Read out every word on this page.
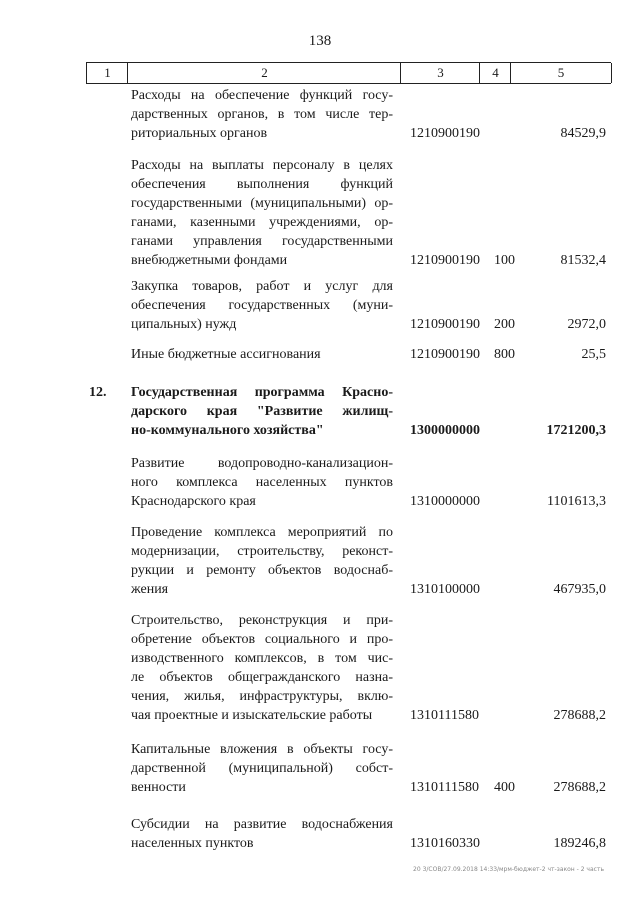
138
1	2	3	4	5
Расходы на обеспечение функций госу-
дарственных органов, в том числе тер-
риториальных органов	1210900190	84529,9
Расходы на выплаты персоналу в целях
обеспечения выполнения функций
государственными (муниципальными) ор-
ганами, казенными учреждениями, ор-
ганами управления государственными
внебюджетными фондами	1210900190 100	81532,4
Закупка товаров, работ и услуг для
обеспечения государственных (муни-
ципальных) нужд	1210900190 200	2972,0
Иные бюджетные ассигнования	1210900190 800	25,5
12. Государственная программа Красно-
дарского края "Развитие жилищ-
но-коммунального хозяйства"	1300000000	1721200,3
Развитие водопроводно-канализацион-
ного комплекса населенных пунктов
Краснодарского края	1310000000	1101613,3
Проведение комплекса мероприятий по
модернизации, строительству, реконст-
рукции и ремонту объектов водоснаб-
жения	1310100000	467935,0
Строительство, реконструкция и при-
обретение объектов социального и про-
изводственного комплексов, в том чис-
ле объектов общегражданского назна-
чения, жилья, инфраструктуры, вклю-
чая проектные и изыскательские работы	1310111580	278688,2
Капитальные вложения в объекты госу-
дарственной (муниципальной) собст-
венности	1310111580 400	278688,2
Субсидии на развитие водоснабжения
населенных пунктов	1310160330	189246,8
20 3/СОВ/27.09.2018 14:33/мрм-бюджет-2 чт-закон - 2 часть
